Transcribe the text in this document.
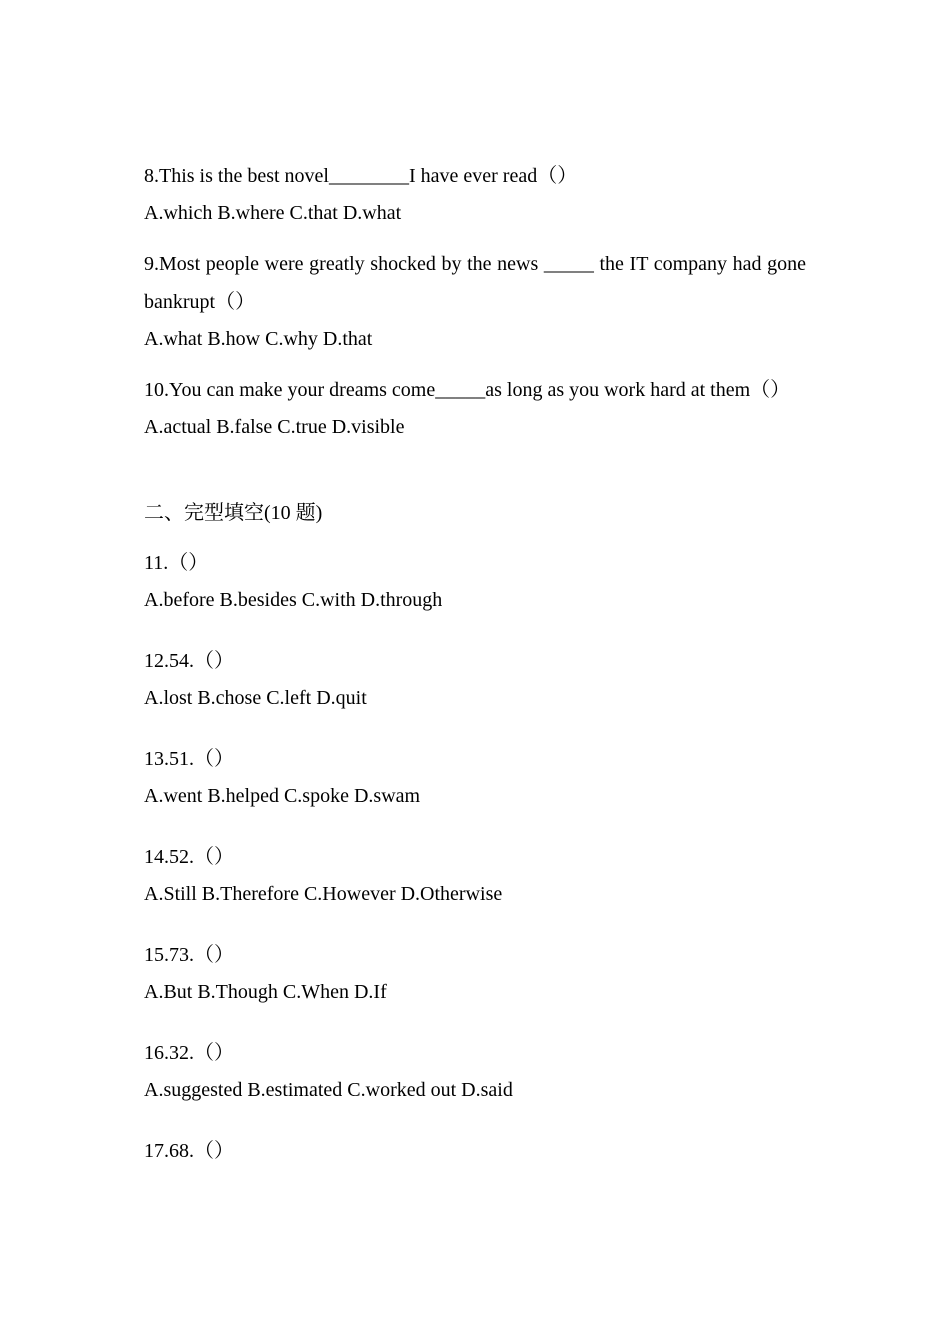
8.This is the best novel________I have ever read（）
A.which B.where C.that D.what
9.Most people were greatly shocked by the news _____ the IT company had gone bankrupt（）
A.what B.how C.why D.that
10.You can make your dreams come_____as long as you work hard at them（）
A.actual B.false C.true D.visible
二、完型填空(10 题)
11.（）
A.before B.besides C.with D.through
12.54.（）
A.lost B.chose C.left D.quit
13.51.（）
A.went B.helped C.spoke D.swam
14.52.（）
A.Still B.Therefore C.However D.Otherwise
15.73.（）
A.But B.Though C.When D.If
16.32.（）
A.suggested B.estimated C.worked out D.said
17.68.（）
